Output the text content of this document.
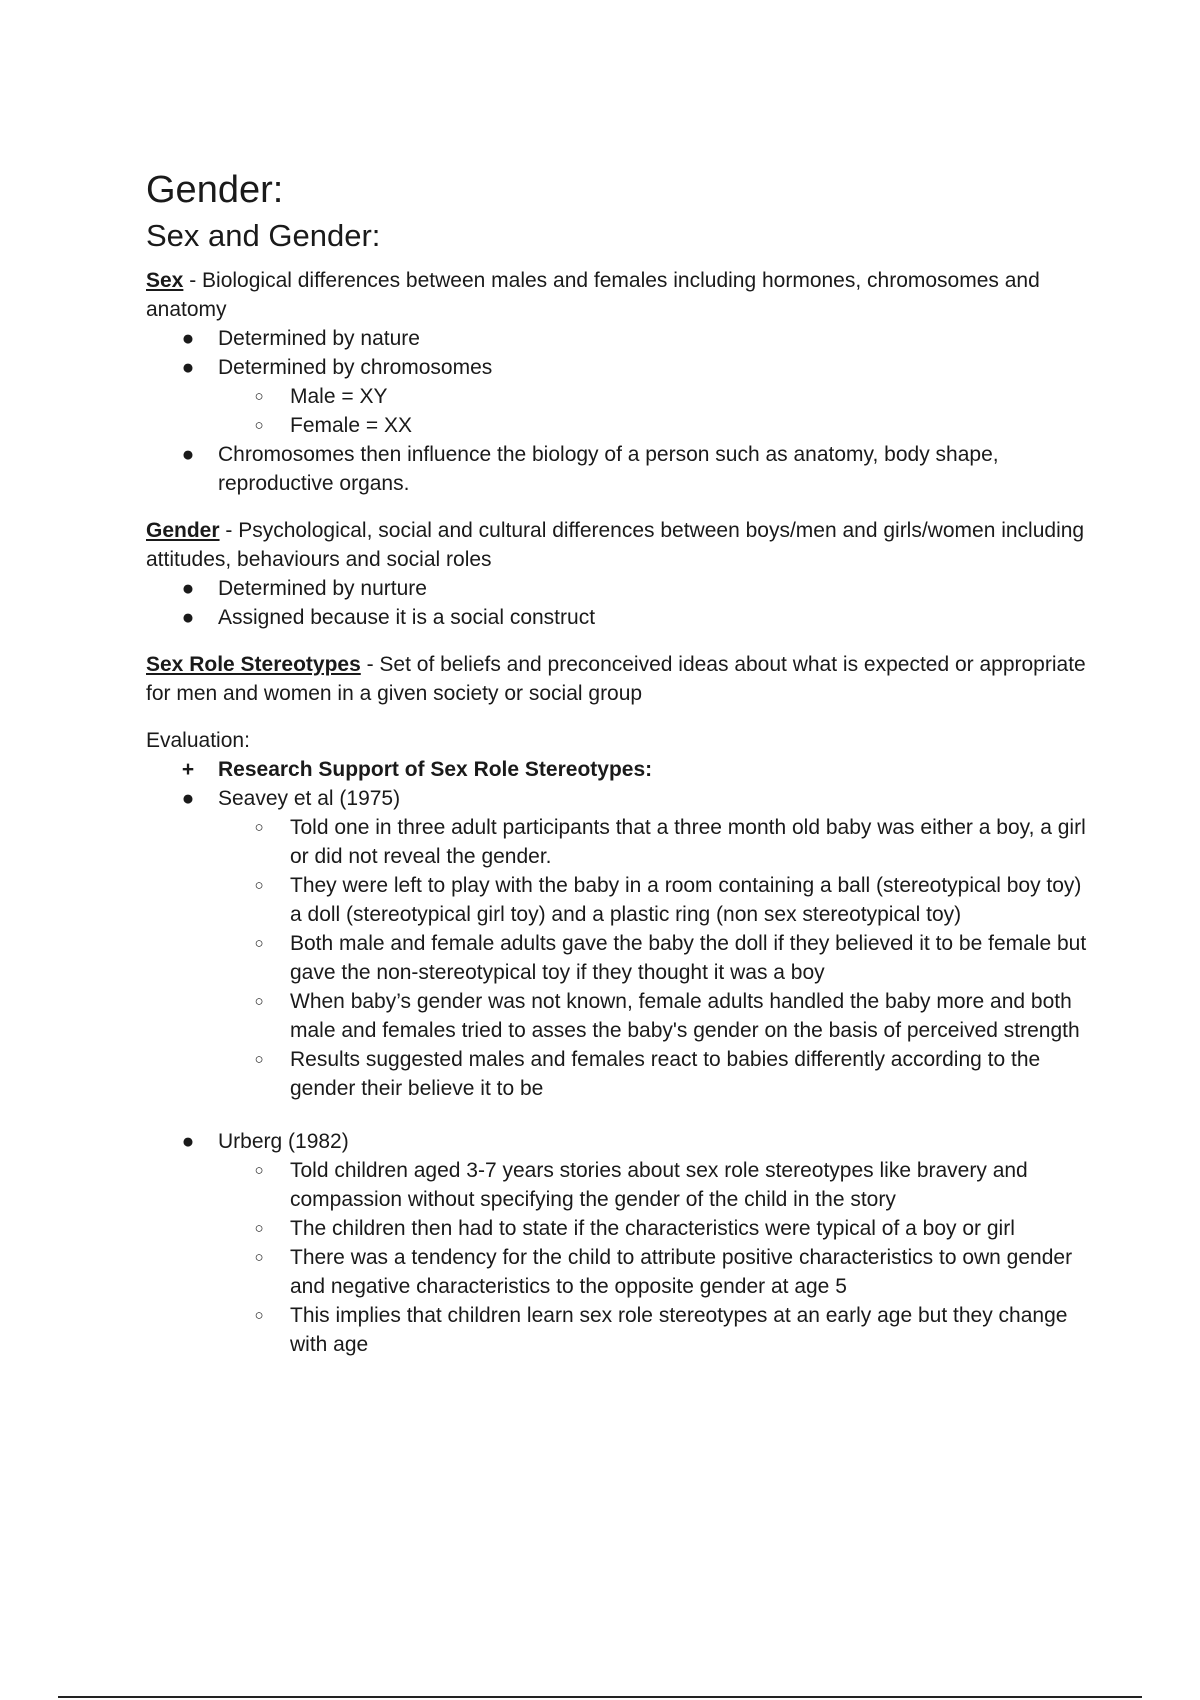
Gender:
Sex and Gender:

Sex - Biological differences between males and females including hormones, chromosomes and anatomy

● Determined by nature
● Determined by chromosomes
○ Male = XY
○ Female = XX
● Chromosomes then influence the biology of a person such as anatomy, body shape, reproductive organs.

Gender - Psychological, social and cultural differences between boys/men and girls/women including attitudes, behaviours and social roles

● Determined by nurture
● Assigned because it is a social construct

Sex Role Stereotypes - Set of beliefs and preconceived ideas about what is expected or appropriate for men and women in a given society or social group

Evaluation:

+ Research Support of Sex Role Stereotypes:
● Seavey et al (1975)
○ Told one in three adult participants that a three month old baby was either a boy, a girl or did not reveal the gender.
○ They were left to play with the baby in a room containing a ball (stereotypical boy toy) a doll (stereotypical girl toy) and a plastic ring (non sex stereotypical toy)
○ Both male and female adults gave the baby the doll if they believed it to be female but gave the non-stereotypical toy if they thought it was a boy
○ When baby’s gender was not known, female adults handled the baby more and both male and females tried to asses the baby's gender on the basis of perceived strength
○ Results suggested males and females react to babies differently according to the gender their believe it to be
● Urberg (1982)
○ Told children aged 3-7 years stories about sex role stereotypes like bravery and compassion without specifying the gender of the child in the story
○ The children then had to state if the characteristics were typical of a boy or girl
○ There was a tendency for the child to attribute positive characteristics to own gender and negative characteristics to the opposite gender at age 5
○ This implies that children learn sex role stereotypes at an early age but they change with age
